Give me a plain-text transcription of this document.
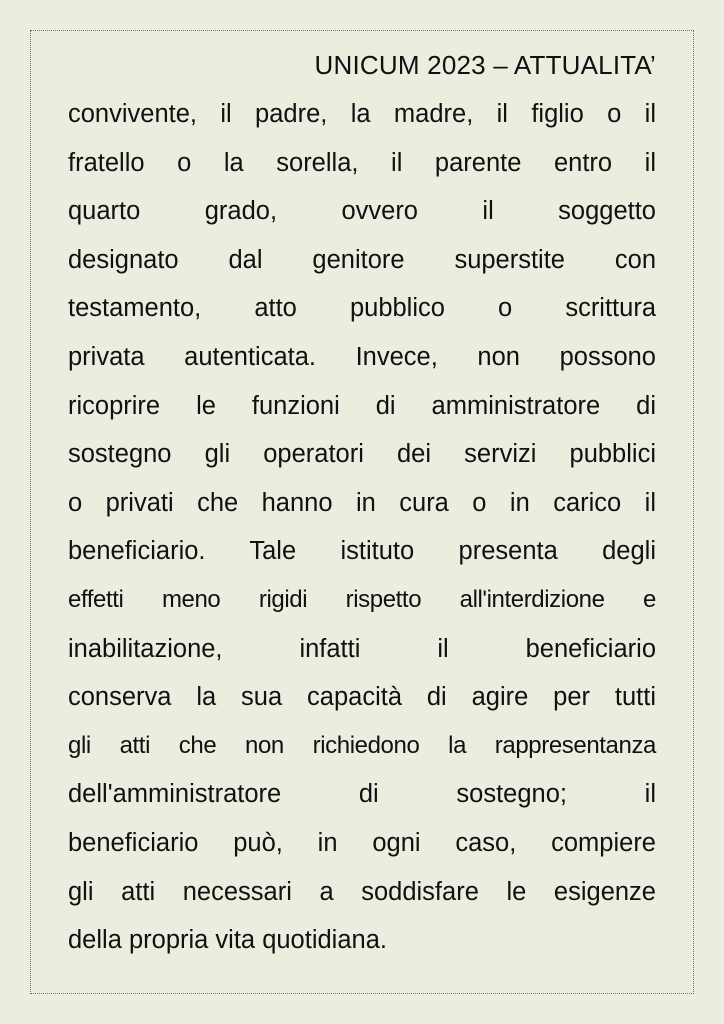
UNICUM 2023 – ATTUALITA’
convivente, il padre, la madre, il figlio o il
fratello o la sorella, il parente entro il
quarto grado, ovvero il soggetto
designato dal genitore superstite con
testamento, atto pubblico o scrittura
privata autenticata. Invece, non possono
ricoprire le funzioni di amministratore di
sostegno gli operatori dei servizi pubblici
o privati che hanno in cura o in carico il
beneficiario. Tale istituto presenta degli
effetti meno rigidi rispetto all'interdizione e
inabilitazione, infatti il beneficiario
conserva la sua capacità di agire per tutti
gli atti che non richiedono la rappresentanza
dell'amministratore di sostegno; il
beneficiario può, in ogni caso, compiere
gli atti necessari a soddisfare le esigenze
della propria vita quotidiana.
